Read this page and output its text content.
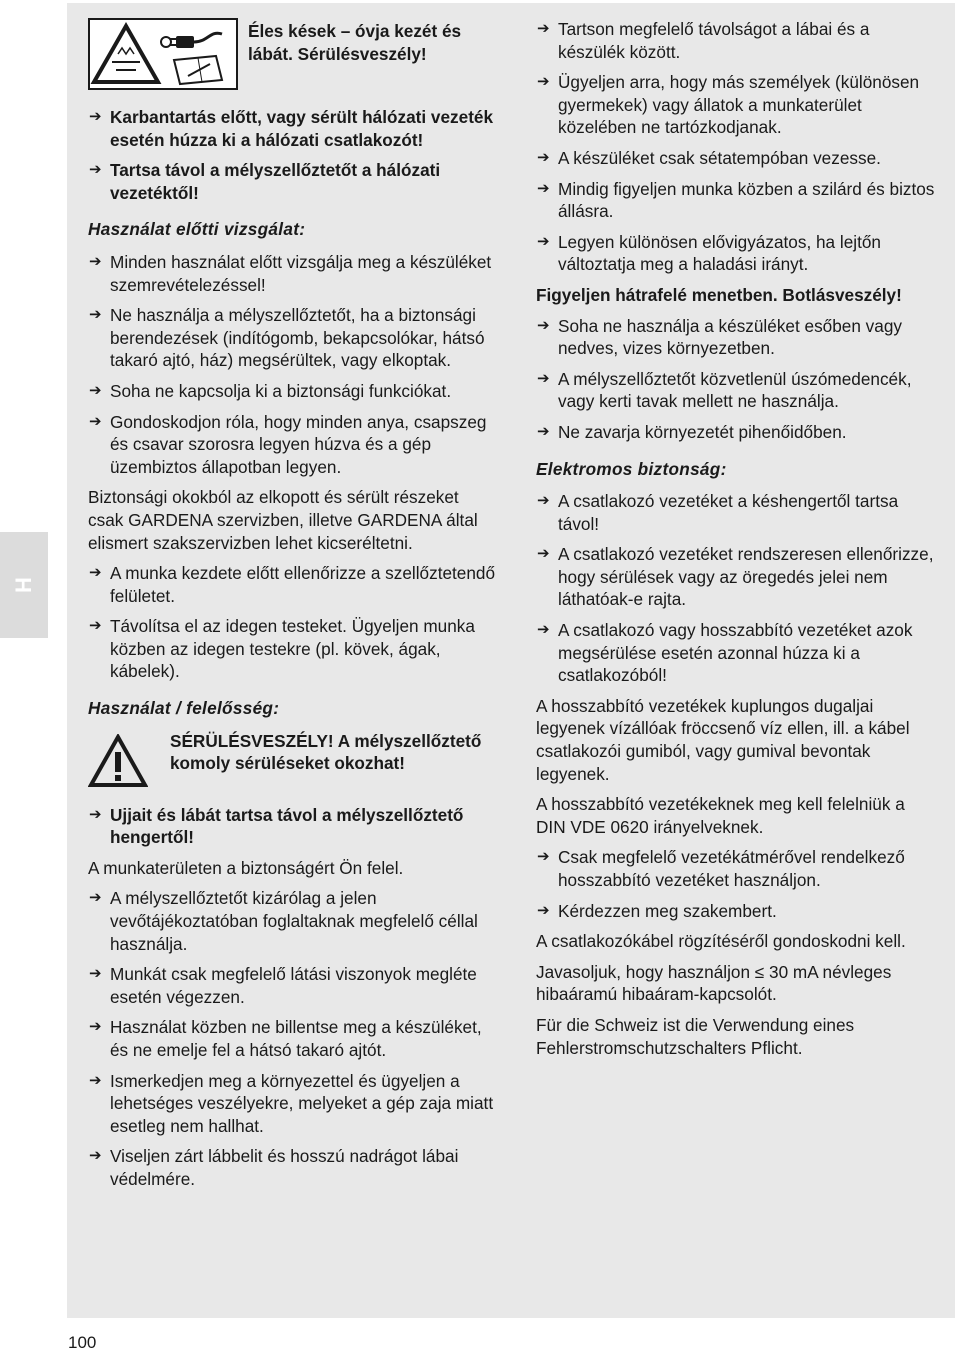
H
Éles kések – óvja kezét és lábát. Sérülésveszély!
➔ Karbantartás előtt, vagy sérült hálózati vezeték esetén húzza ki a hálózati csatlakozót!
➔ Tartsa távol a mélyszellőztetőt a hálózati vezetéktől!
Használat előtti vizsgálat:
➔ Minden használat előtt vizsgálja meg a készüléket szemrevételezéssel!
➔ Ne használja a mélyszellőztetőt, ha a biztonsági berendezések (indítógomb, bekapcsolókar, hátsó takaró ajtó, ház) megsérültek, vagy elkoptak.
➔ Soha ne kapcsolja ki a biztonsági funkciókat.
➔ Gondoskodjon róla, hogy minden anya, csapszeg és csavar szorosra legyen húzva és a gép üzembiztos állapotban legyen.
Biztonsági okokból az elkopott és sérült részeket csak GARDENA szervizben, illetve GARDENA által elismert szakszervizben lehet kicseréltetni.
➔ A munka kezdete előtt ellenőrizze a szellőztetendő felületet.
➔ Távolítsa el az idegen testeket. Ügyeljen munka közben az idegen testekre (pl. kövek, ágak, kábelek).
Használat / felelősség:
SÉRÜLÉSVESZÉLY! A mélyszellőztető komoly sérüléseket okozhat!
➔ Ujjait és lábát tartsa távol a mélyszellőztető hengertől!
A munkaterületen a biztonságért Ön felel.
➔ A mélyszellőztetőt kizárólag a jelen vevőtájékoztatóban foglaltaknak megfelelő céllal használja.
➔ Munkát csak megfelelő látási viszonyok megléte esetén végezzen.
➔ Használat közben ne billentse meg a készüléket, és ne emelje fel a hátsó takaró ajtót.
➔ Ismerkedjen meg a környezettel és ügyeljen a lehetséges veszélyekre, melyeket a gép zaja miatt esetleg nem hallhat.
➔ Viseljen zárt lábbelit és hosszú nadrágot lábai védelmére.
➔ Tartson megfelelő távolságot a lábai és a készülék között.
➔ Ügyeljen arra, hogy más személyek (különösen gyermekek) vagy állatok a munkaterület közelében ne tartózkodjanak.
➔ A készüléket csak sétatempóban vezesse.
➔ Mindig figyeljen munka közben a szilárd és biztos állásra.
➔ Legyen különösen elővigyázatos, ha lejtőn változtatja meg a haladási irányt.
Figyeljen hátrafelé menetben. Botlásveszély!
➔ Soha ne használja a készüléket esőben vagy nedves, vizes környezetben.
➔ A mélyszellőztetőt közvetlenül úszómedencék, vagy kerti tavak mellett ne használja.
➔ Ne zavarja környezetét pihenőidőben.
Elektromos biztonság:
➔ A csatlakozó vezetéket a késhengertől tartsa távol!
➔ A csatlakozó vezetéket rendszeresen ellenőrizze, hogy sérülések vagy az öregedés jelei nem láthatóak-e rajta.
➔ A csatlakozó vagy hosszabbító vezetéket azok megsérülése esetén azonnal húzza ki a csatlakozóból!
A hosszabbító vezetékek kuplungos dugaljai legyenek vízállóak fröccsenő víz ellen, ill. a kábel csatlakozói gumiból, vagy gumival bevontak legyenek.
A hosszabbító vezetékeknek meg kell felelniük a DIN VDE 0620 irányelveknek.
➔ Csak megfelelő vezetékátmérővel rendelkező hosszabbító vezetéket használjon.
➔ Kérdezzen meg szakembert.
A csatlakozókábel rögzítéséről gondoskodni kell.
Javasoljuk, hogy használjon ≤ 30 mA névleges hibaáramú hibaáram-kapcsolót.
Für die Schweiz ist die Verwendung eines Fehlerstromschutzschalters Pflicht.
100
